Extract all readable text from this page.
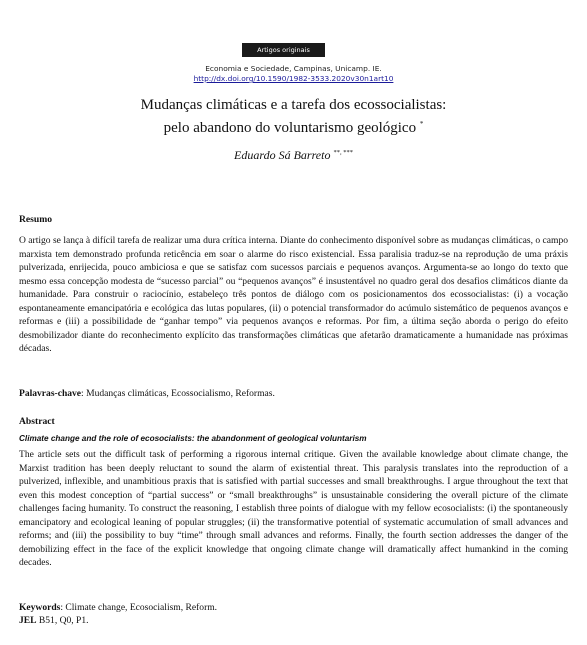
Artigos originais
Economia e Sociedade, Campinas, Unicamp. IE.
http://dx.doi.org/10.1590/1982-3533.2020v30n1art10
Mudanças climáticas e a tarefa dos ecossocialistas:
pelo abandono do voluntarismo geológico *
Eduardo Sá Barreto **, ***
Resumo
O artigo se lança à difícil tarefa de realizar uma dura crítica interna. Diante do conhecimento disponível sobre as mudanças climáticas, o campo marxista tem demonstrado profunda reticência em soar o alarme do risco existencial. Essa paralisia traduz-se na reprodução de uma práxis pulverizada, enrijecida, pouco ambiciosa e que se satisfaz com sucessos parciais e pequenos avanços. Argumenta-se ao longo do texto que mesmo essa concepção modesta de “sucesso parcial” ou “pequenos avanços” é insustentável no quadro geral dos desafios climáticos diante da humanidade. Para construir o raciocínio, estabeleço três pontos de diálogo com os posicionamentos dos ecossocialistas: (i) a vocação espontaneamente emancipatória e ecológica das lutas populares, (ii) o potencial transformador do acúmulo sistemático de pequenos avanços e reformas e (iii) a possibilidade de “ganhar tempo” via pequenos avanços e reformas. Por fim, a última seção aborda o perigo do efeito desmobilizador diante do reconhecimento explícito das transformações climáticas que afetarão dramaticamente a humanidade nas próximas décadas.
Palavras-chave: Mudanças climáticas, Ecossocialismo, Reformas.
Abstract
Climate change and the role of ecosocialists: the abandonment of geological voluntarism
The article sets out the difficult task of performing a rigorous internal critique. Given the available knowledge about climate change, the Marxist tradition has been deeply reluctant to sound the alarm of existential threat. This paralysis translates into the reproduction of a pulverized, inflexible, and unambitious praxis that is satisfied with partial successes and small breakthroughs. I argue throughout the text that even this modest conception of “partial success” or “small breakthroughs” is unsustainable considering the overall picture of the climate challenges facing humanity. To construct the reasoning, I establish three points of dialogue with my fellow ecosocialists: (i) the spontaneously emancipatory and ecological leaning of popular struggles; (ii) the transformative potential of systematic accumulation of small advances and reforms; and (iii) the possibility to buy “time” through small advances and reforms. Finally, the fourth section addresses the danger of the demobilizing effect in the face of the explicit knowledge that ongoing climate change will dramatically affect humankind in the coming decades.
Keywords: Climate change, Ecosocialism, Reform.
JEL B51, Q0, P1.
